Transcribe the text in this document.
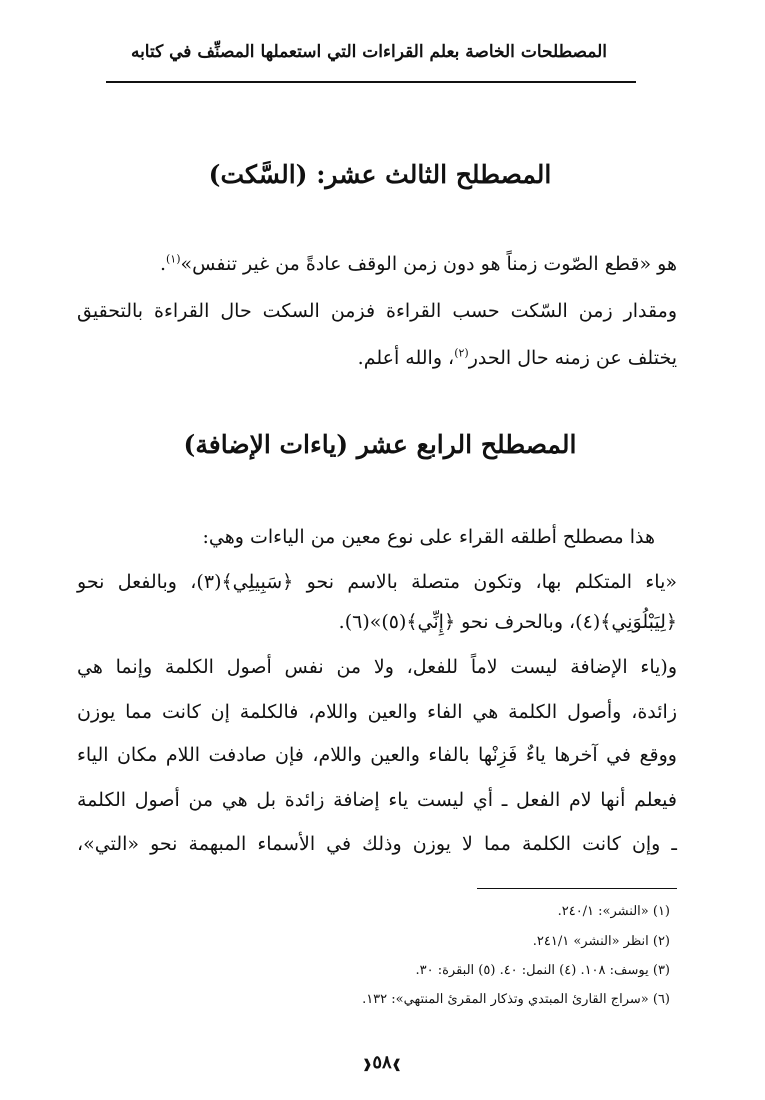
المصطلحات الخاصة بعلم القراءات التي استعملها المصنِّف في كتابه
المصطلح الثالث عشر: (السَّكت)
هو «قطع الصّوت زمناً هو دون زمن الوقف عادةً من غير تنفس»$^{(١)}$.
ومقدار زمن السّكت حسب القراءة فزمن السكت حال القراءة بالتحقيق
يختلف عن زمنه حال الحدر$^{(٢)}$، والله أعلم.
المصطلح الرابع عشر (ياءات الإضافة)
هذا مصطلح أطلقه القراء على نوع معين من الياءات وهي:
«ياء المتكلم بها، وتكون متصلة بالاسم نحو ﴿سَبِيلِي﴾(٣)، وبالفعل نحو
﴿لِيَبْلُوَنِي﴾(٤)، وبالحرف نحو ﴿إِنِّي﴾(٥)»(٦).
و(ياء الإضافة ليست لاماً للفعل، ولا من نفس أصول الكلمة وإنما هي
زائدة، وأصول الكلمة هي الفاء والعين واللام، فالكلمة إن كانت مما يوزن
ووقع في آخرها ياءٌ فَزِنْها بالفاء والعين واللام، فإن صادفت اللام مكان الياء
فيعلم أنها لام الفعل ـ أي ليست ياء إضافة زائدة بل هي من أصول الكلمة
ـ وإن كانت الكلمة مما لا يوزن وذلك في الأسماء المبهمة نحو «التي»،
(١) «النشر»: ٢٤٠/١.
(٢) انظر «النشر» ٢٤١/١.
(٣) يوسف: ١٠٨. (٤) النمل: ٤٠. (٥) البقرة: ٣٠.
(٦) «سراج القارئ المبتدي وتذكار المقرئ المنتهي»: ١٣٢.
❱٥٨❰
